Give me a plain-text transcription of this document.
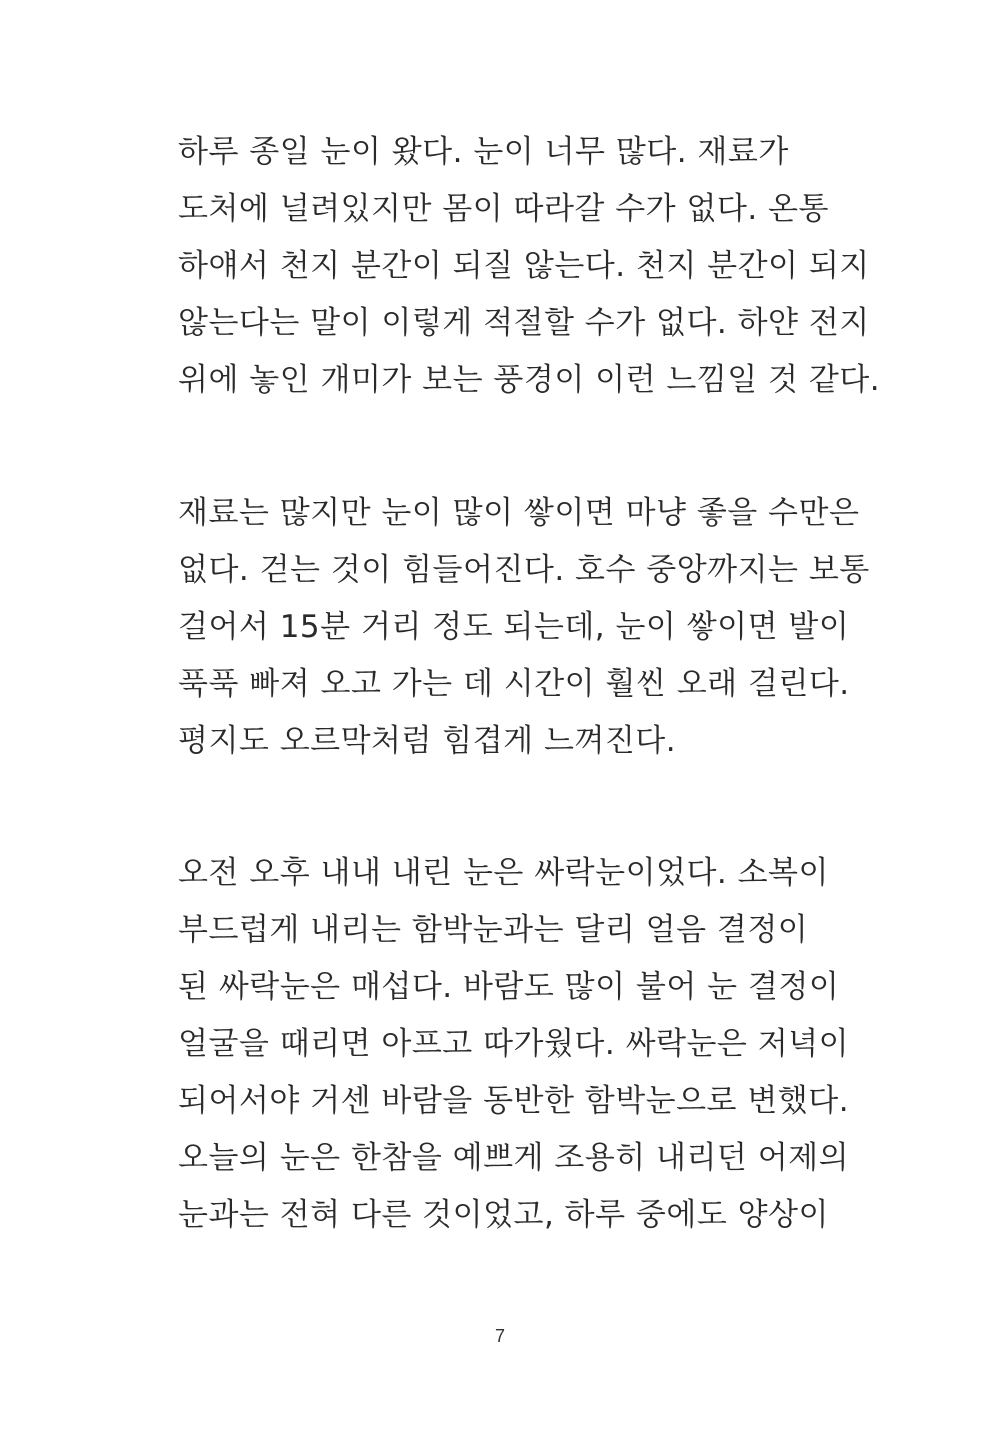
하루 종일 눈이 왔다. 눈이 너무 많다. 재료가
도처에 널려있지만 몸이 따라갈 수가 없다. 온통
하얘서 천지 분간이 되질 않는다. 천지 분간이 되지
않는다는 말이 이렇게 적절할 수가 없다. 하얀 전지
위에 놓인 개미가 보는 풍경이 이런 느낌일 것 같다.
재료는 많지만 눈이 많이 쌓이면 마냥 좋을 수만은
없다. 걷는 것이 힘들어진다. 호수 중앙까지는 보통
걸어서 15분 거리 정도 되는데, 눈이 쌓이면 발이
푹푹 빠져 오고 가는 데 시간이 훨씬 오래 걸린다.
평지도 오르막처럼 힘겹게 느껴진다.
오전 오후 내내 내린 눈은 싸락눈이었다. 소복이
부드럽게 내리는 함박눈과는 달리 얼음 결정이
된 싸락눈은 매섭다. 바람도 많이 불어 눈 결정이
얼굴을 때리면 아프고 따가웠다. 싸락눈은 저녁이
되어서야 거센 바람을 동반한 함박눈으로 변했다.
오늘의 눈은 한참을 예쁘게 조용히 내리던 어제의
눈과는 전혀 다른 것이었고, 하루 중에도 양상이
7
